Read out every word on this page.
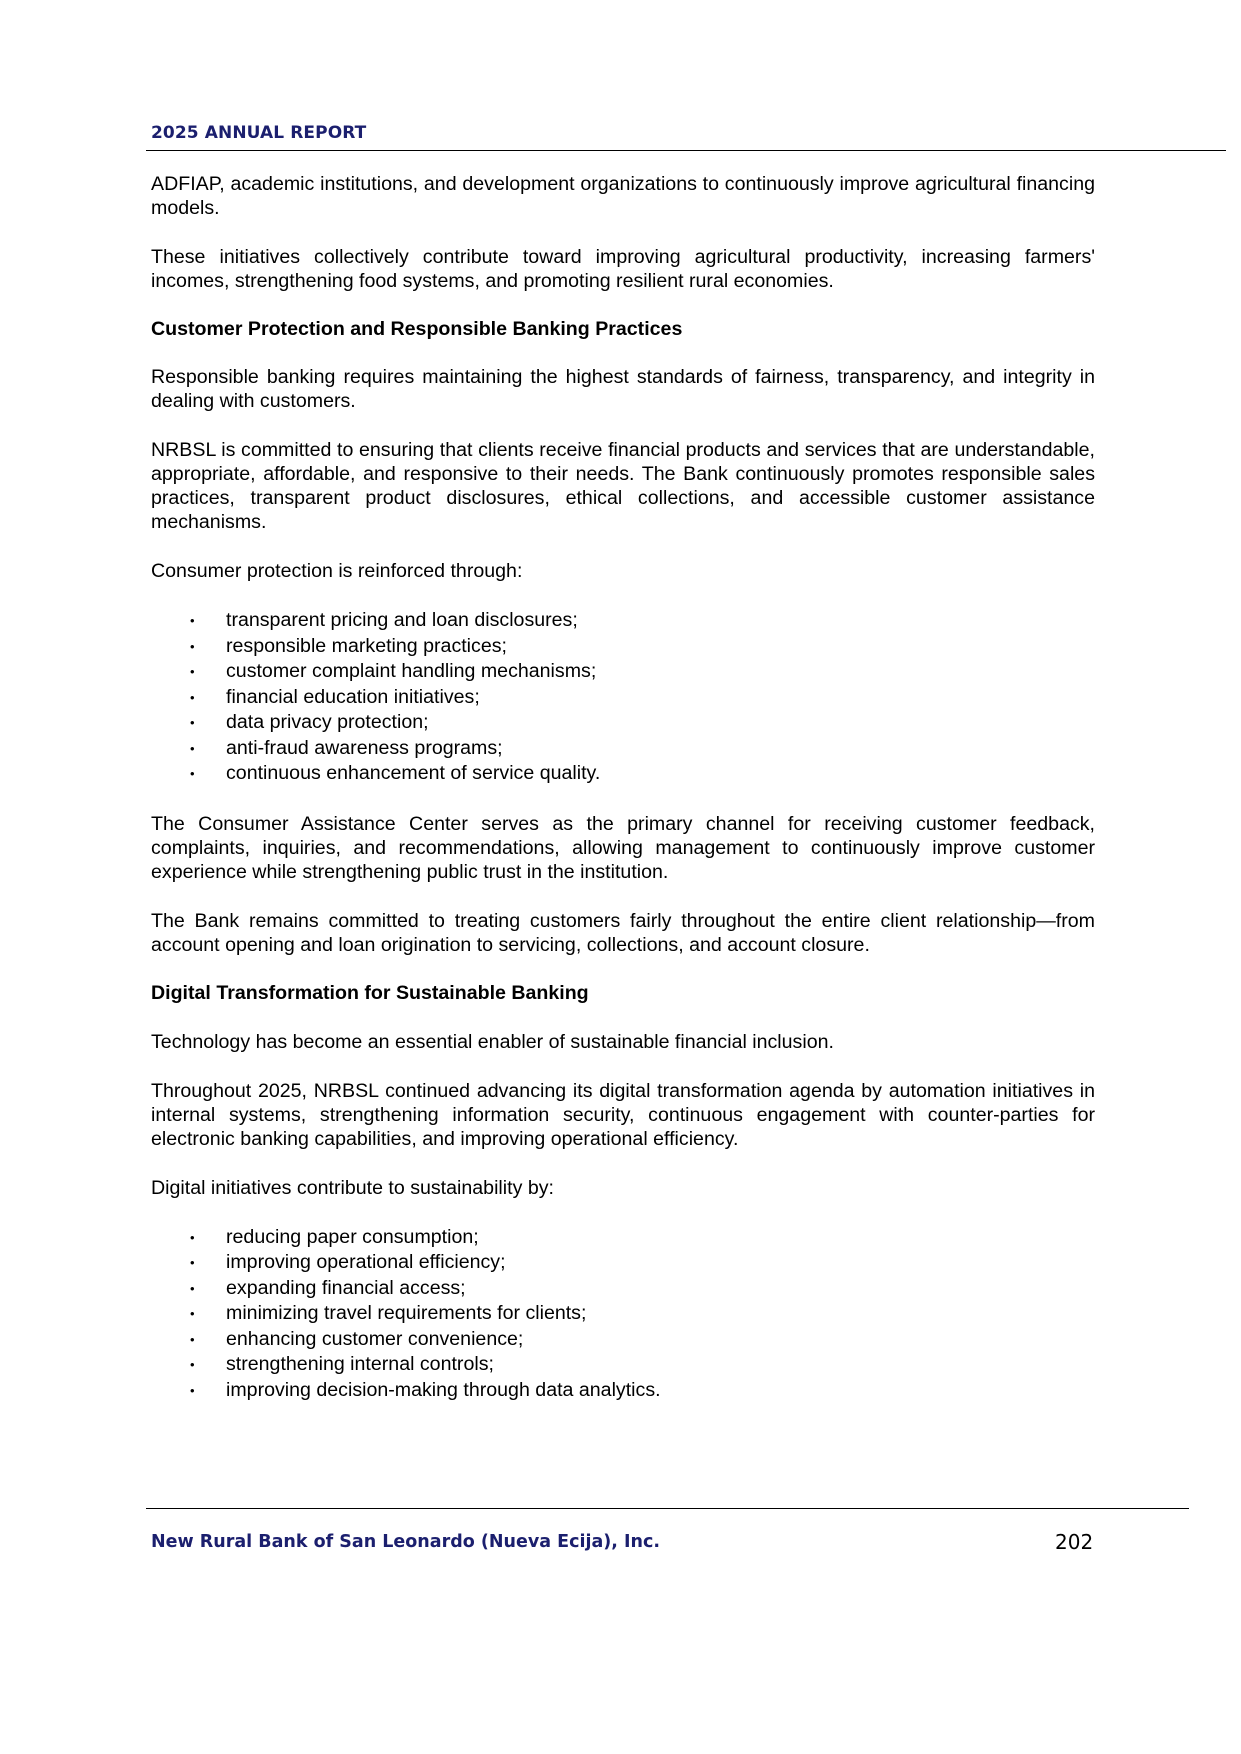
2025 ANNUAL REPORT

ADFIAP, academic institutions, and development organizations to continuously improve agricultural financing models.

These initiatives collectively contribute toward improving agricultural productivity, increasing farmers' incomes, strengthening food systems, and promoting resilient rural economies.

Customer Protection and Responsible Banking Practices

Responsible banking requires maintaining the highest standards of fairness, transparency, and integrity in dealing with customers.

NRBSL is committed to ensuring that clients receive financial products and services that are understandable, appropriate, affordable, and responsive to their needs. The Bank continuously promotes responsible sales practices, transparent product disclosures, ethical collections, and accessible customer assistance mechanisms.

Consumer protection is reinforced through:

• transparent pricing and loan disclosures;
• responsible marketing practices;
• customer complaint handling mechanisms;
• financial education initiatives;
• data privacy protection;
• anti-fraud awareness programs;
• continuous enhancement of service quality.

The Consumer Assistance Center serves as the primary channel for receiving customer feedback, complaints, inquiries, and recommendations, allowing management to continuously improve customer experience while strengthening public trust in the institution.

The Bank remains committed to treating customers fairly throughout the entire client relationship—from account opening and loan origination to servicing, collections, and account closure.

Digital Transformation for Sustainable Banking

Technology has become an essential enabler of sustainable financial inclusion.

Throughout 2025, NRBSL continued advancing its digital transformation agenda by automation initiatives in internal systems, strengthening information security, continuous engagement with counter-parties for electronic banking capabilities, and improving operational efficiency.

Digital initiatives contribute to sustainability by:

• reducing paper consumption;
• improving operational efficiency;
• expanding financial access;
• minimizing travel requirements for clients;
• enhancing customer convenience;
• strengthening internal controls;
• improving decision-making through data analytics.
New Rural Bank of San Leonardo (Nueva Ecija), Inc.	202
